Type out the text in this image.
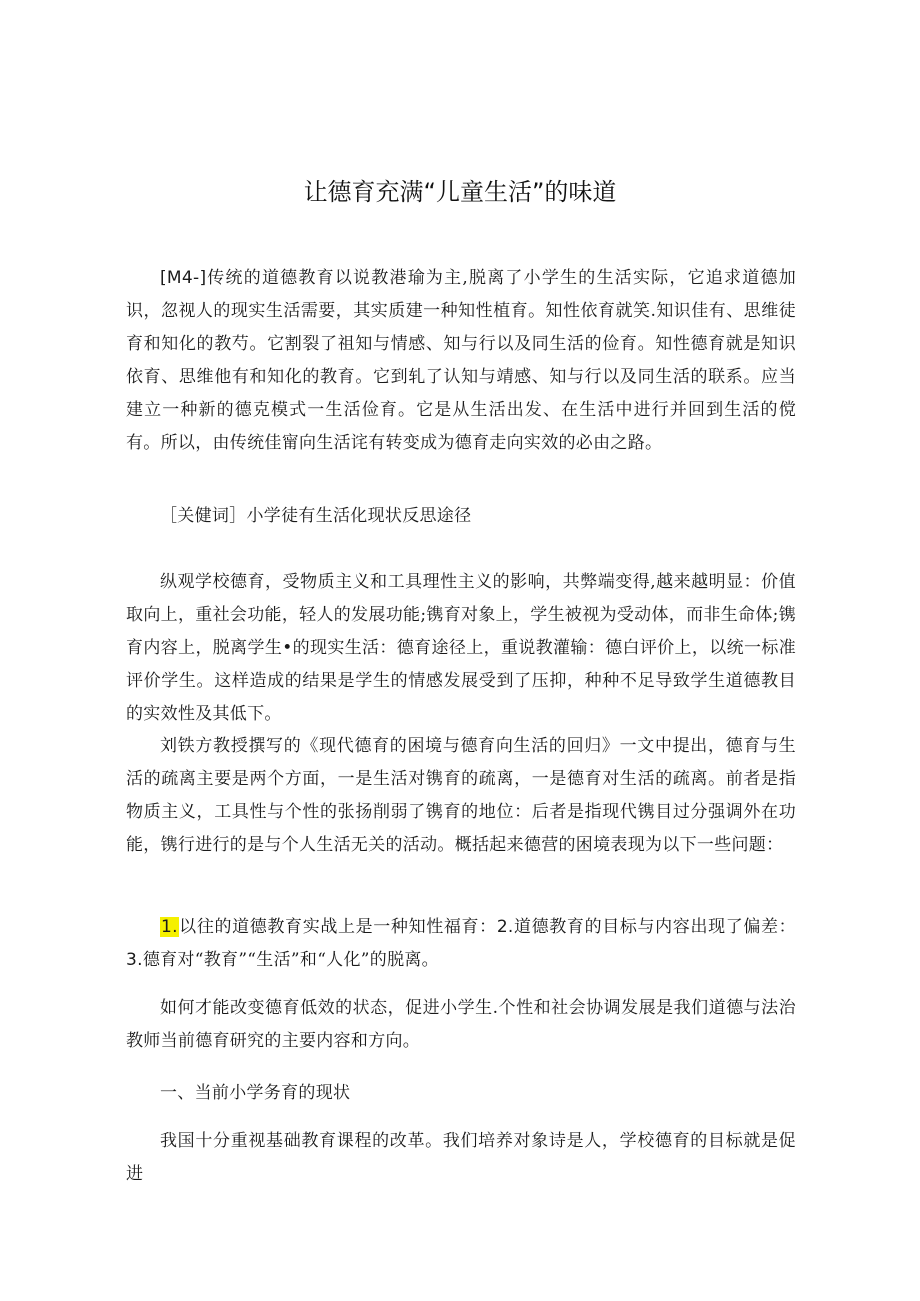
让德育充满“儿童生活”的味道
[M4-]传统的道德教育以说教港瑜为主,脱离了小学生的生活实际，它追求道德加识，忽视人的现实生活需要，其实质建一种知性植育。知性依育就笑.知识佳有、思维徒育和知化的教芍。它割裂了祖知与情感、知与行以及同生活的俭育。知性德育就是知识依育、思维他有和知化的教育。它到轧了认知与靖感、知与行以及同生活的联系。应当建立一种新的德克模式一生活俭育。它是从生活出发、在生活中进行并回到生活的傥有。所以，由传统佳甯向生活诧有转变成为德育走向实效的必由之路。
［关健词］小学徒有生活化现状反思途径
纵观学校德育，受物质主义和工具理性主义的影响，共弊端变得,越来越明显：价值取向上，重社会功能，轻人的发展功能;镌育对象上，学生被视为受动体，而非生命体;镌育内容上，脱离学生•的现实生活：德育途径上，重说教灌输：德白评价上，以统一标准评价学生。这样造成的结果是学生的情感发展受到了压抑，种种不足导致学生道德教目的实效性及其低下。
刘铁方教授撰写的《现代德育的困境与德育向生活的回归》一文中提出，德育与生活的疏离主要是两个方面，一是生活对镌育的疏离，一是德育对生活的疏离。前者是指物质主义，工具性与个性的张扬削弱了镌育的地位：后者是指现代镌目过分强调外在功能，镌行进行的是与个人生活无关的活动。概括起来德营的困境表现为以下一些问题：
1.以往的道德教育实战上是一种知性福育：2.道德教育的目标与内容出现了偏差：3.德育对“教育”“生活”和“人化”的脱离。
如何才能改变德育低效的状态，促进小学生.个性和社会协调发展是我们道德与法治教师当前德育研究的主要内容和方向。
一、当前小学务育的现状
我国十分重视基础教育课程的改革。我们培养对象诗是人，学校德育的目标就是促进
